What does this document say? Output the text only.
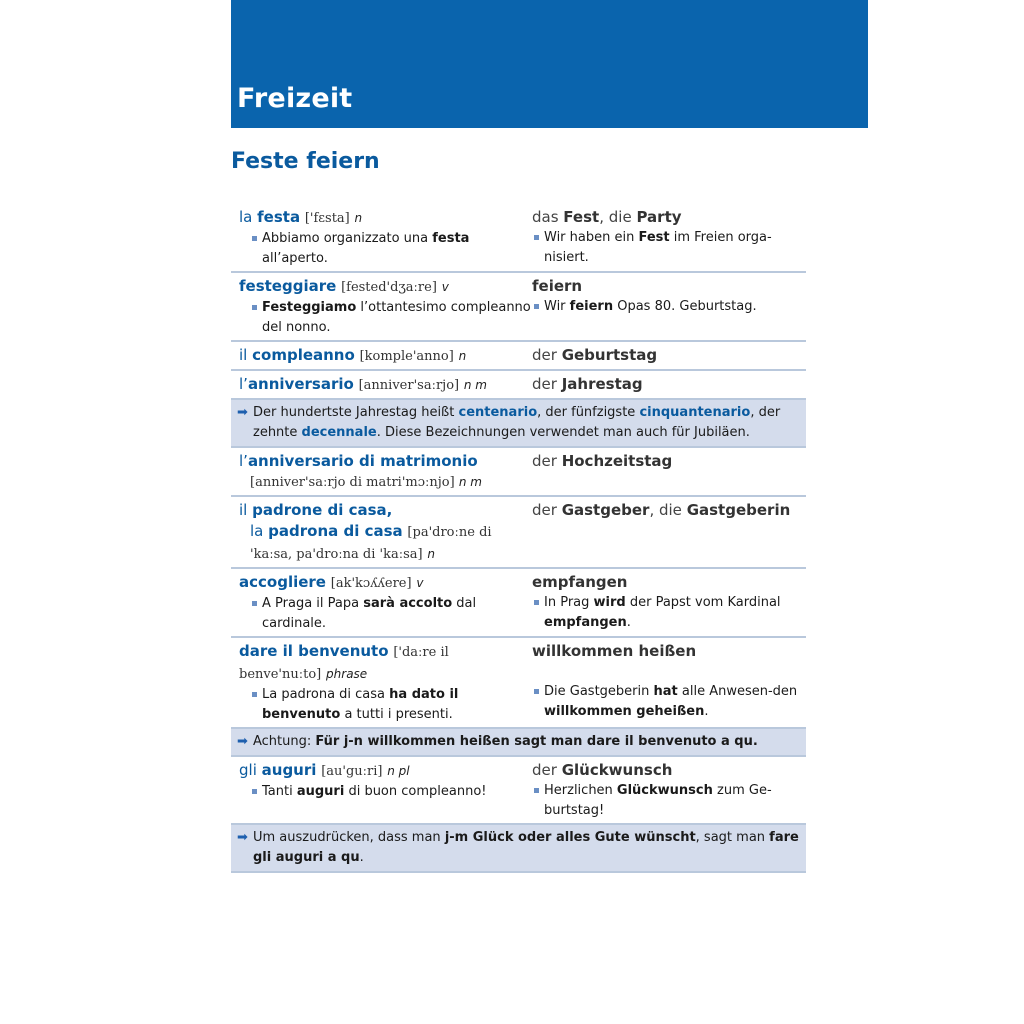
Freizeit
Feste feiern
la festa ['fɛsta] n
Abbiamo organizzato una festa all’aperto.
das Fest, die Party
Wir haben ein Fest im Freien orga-nisiert.
festeggiare [fested'dʒaːre] v
Festeggiamo l’ottantesimo compleanno del nonno.
feiern
Wir feiern Opas 80. Geburtstag.
il compleanno [komple'anno] n	der Geburtstag
l’anniversario [anniver'saːrjo] n m	der Jahrestag
➡ Der hundertste Jahrestag heißt centenario, der fünfzigste cinquantenario, der zehnte decennale. Diese Bezeichnungen verwendet man auch für Jubiläen.
l’anniversario di matrimonio
[anniver'saːrjo di matri'mɔːnjo] n m
der Hochzeitstag
il padrone di casa,
la padrona di casa [pa'droːne di 'kaːsa, pa'droːna di 'kaːsa] n
der Gastgeber, die Gastgeberin
accogliere [ak'kɔʎʎere] v
A Praga il Papa sarà accolto dal cardinale.
empfangen
In Prag wird der Papst vom Kardinal empfangen.
dare il benvenuto ['daːre il benve'nuːto] phrase
La padrona di casa ha dato il benvenuto a tutti i presenti.
willkommen heißen
Die Gastgeberin hat alle Anwesen-den willkommen geheißen.
➡ Achtung: Für j-n willkommen heißen sagt man dare il benvenuto a qu.
gli auguri [au'guːri] n pl
Tanti auguri di buon compleanno!
der Glückwunsch
Herzlichen Glückwunsch zum Ge-burtstag!
➡ Um auszudrücken, dass man j-m Glück oder alles Gute wünscht, sagt man fare gli auguri a qu.
